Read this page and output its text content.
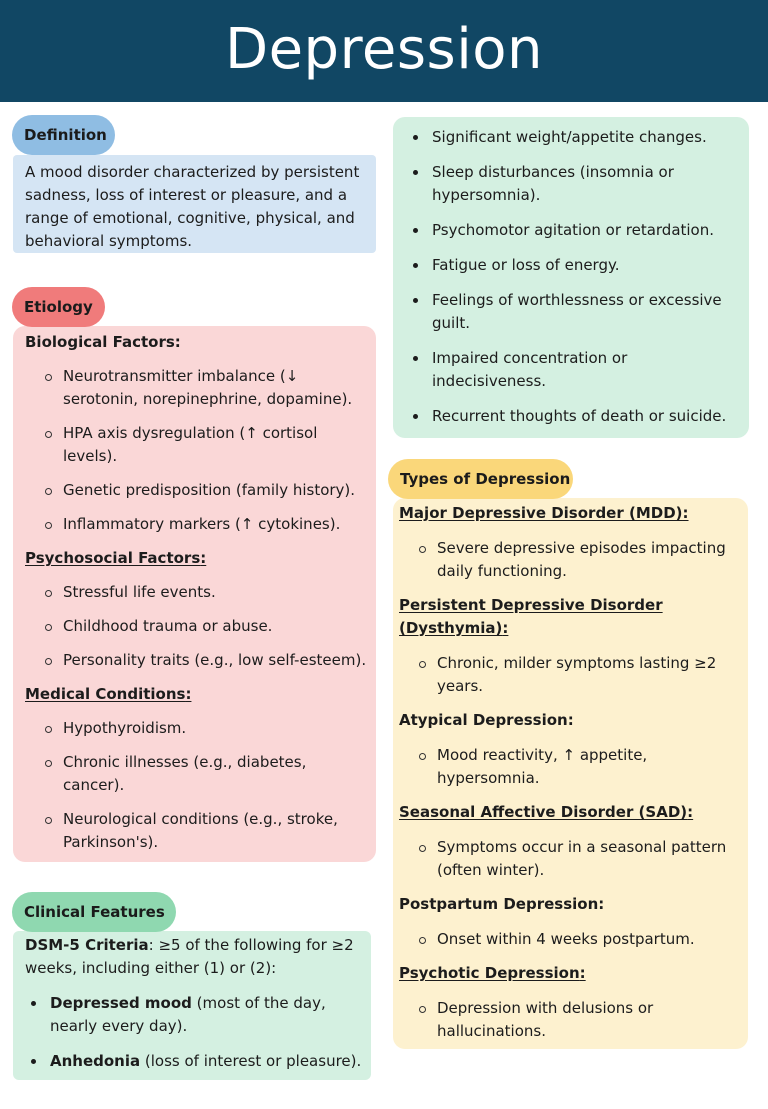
Depression
Definition

A mood disorder characterized by persistent sadness, loss of interest or pleasure, and a range of emotional, cognitive, physical, and behavioral symptoms.

Etiology
Biological Factors:
Neurotransmitter imbalance (↓ serotonin, norepinephrine, dopamine).
HPA axis dysregulation (↑ cortisol levels).
Genetic predisposition (family history).
Inflammatory markers (↑ cytokines).
Psychosocial Factors:
Stressful life events.
Childhood trauma or abuse.
Personality traits (e.g., low self-esteem).
Medical Conditions:
Hypothyroidism.
Chronic illnesses (e.g., diabetes, cancer).
Neurological conditions (e.g., stroke, Parkinson's).
Clinical Features

DSM-5 Criteria: ≥5 of the following for ≥2 weeks, including either (1) or (2):

Depressed mood (most of the day, nearly every day).
Anhedonia (loss of interest or pleasure).
Significant weight/appetite changes.
Sleep disturbances (insomnia or hypersomnia).
Psychomotor agitation or retardation.
Fatigue or loss of energy.
Feelings of worthlessness or excessive guilt.
Impaired concentration or indecisiveness.
Recurrent thoughts of death or suicide.
Types of Depression
Major Depressive Disorder (MDD):
Severe depressive episodes impacting daily functioning.
Persistent Depressive Disorder (Dysthymia):
Chronic, milder symptoms lasting ≥2 years.
Atypical Depression:
Mood reactivity, ↑ appetite, hypersomnia.
Seasonal Affective Disorder (SAD):
Symptoms occur in a seasonal pattern (often winter).
Postpartum Depression:
Onset within 4 weeks postpartum.
Psychotic Depression:
Depression with delusions or hallucinations.
